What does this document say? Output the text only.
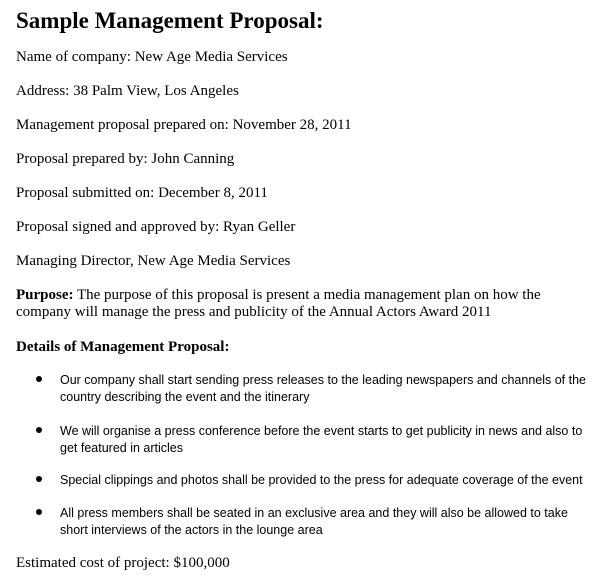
Sample Management Proposal:
Name of company: New Age Media Services
Address: 38 Palm View, Los Angeles
Management proposal prepared on: November 28, 2011
Proposal prepared by: John Canning
Proposal submitted on: December 8, 2011
Proposal signed and approved by: Ryan Geller
Managing Director, New Age Media Services
Purpose: The purpose of this proposal is present a media management plan on how the company will manage the press and publicity of the Annual Actors Award 2011
Details of Management Proposal:
Our company shall start sending press releases to the leading newspapers and channels of the country describing the event and the itinerary
We will organise a press conference before the event starts to get publicity in news and also to get featured in articles
Special clippings and photos shall be provided to the press for adequate coverage of the event
All press members shall be seated in an exclusive area and they will also be allowed to take short interviews of the actors in the lounge area
Estimated cost of project: $100,000
